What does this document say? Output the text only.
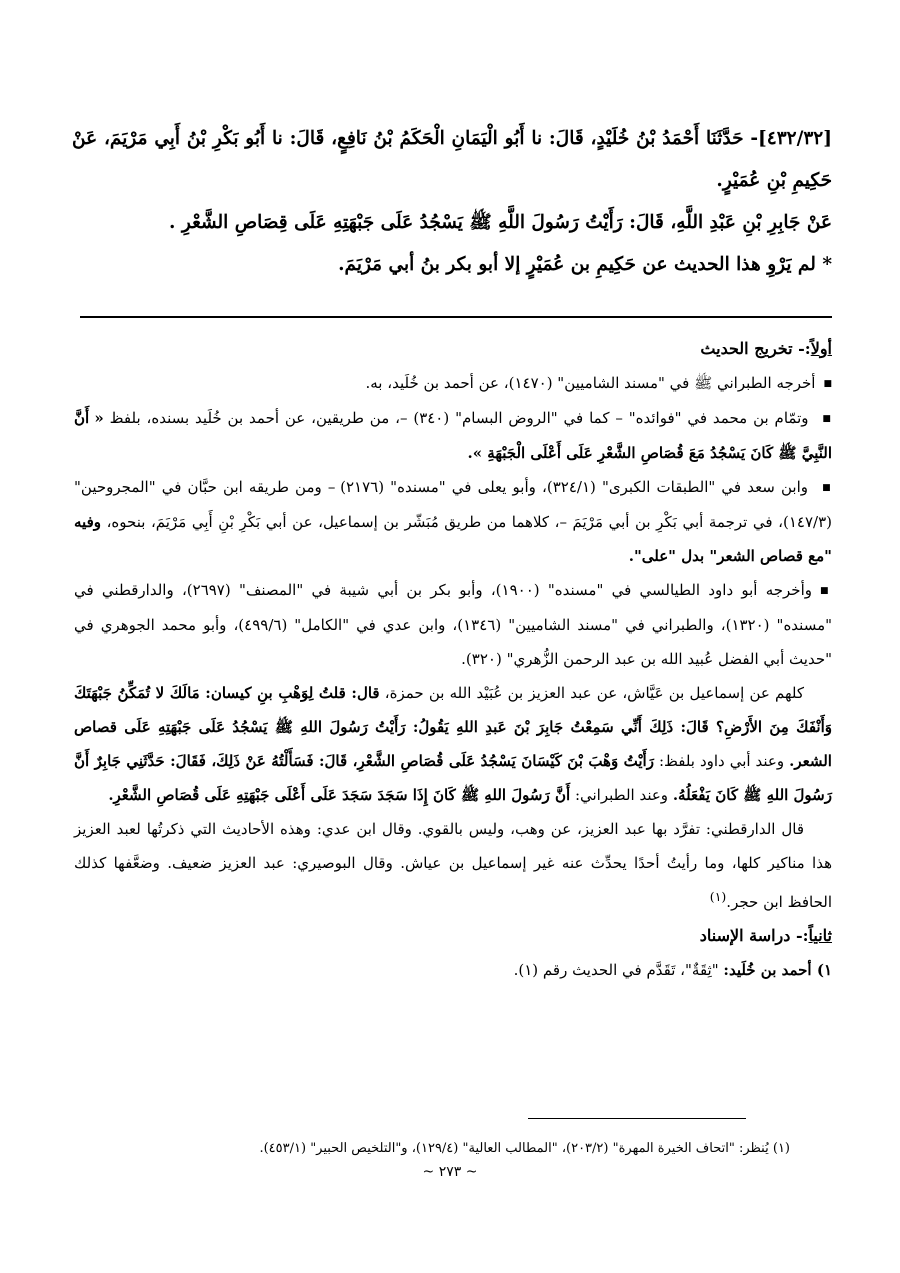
[٤٣٢/٣٢]- حَدَّثَنَا أَحْمَدُ بْنُ خُلَيْدٍ، قَالَ: نا أَبُو الْيَمَانِ الْحَكَمُ بْنُ نَافِعٍ، قَالَ: نا أَبُو بَكْرِ بْنُ أَبِي مَرْيَمَ، عَنْ حَكِيمِ بْنِ عُمَيْرٍ.

عَنْ جَابِرِ بْنِ عَبْدِ اللَّهِ، قَالَ: رَأَيْتُ رَسُولَ اللَّهِ ﷺ يَسْجُدُ عَلَى جَبْهَتِهِ عَلَى قِصَاصِ الشَّعْرِ .

* لم يَرْوِ هذا الحديث عن حَكِيمِ بن عُمَيْرٍ إلا أبو بكر بنُ أبي مَرْيَمَ.

أولاً:- تخريج الحديث

■ أخرجه الطبراني ﷺ في "مسند الشاميين" (١٤٧٠)، عن أحمد بن خُلَيد، به.

■ وتمّام بن محمد في "فوائده" – كما في "الروض البسام" (٣٤٠) –، من طريقين، عن أحمد بن خُلَيد بسنده، بلفظ « أَنَّ النَّبِيَّ ﷺ كَانَ يَسْجُدُ مَعَ قُصَاصِ الشَّعْرِ عَلَى أَعْلَى الْجَبْهَةِ ».

■ وابن سعد في "الطبقات الكبرى" (٣٢٤/١)، وأبو يعلى في "مسنده" (٢١٧٦) – ومن طريقه ابن حبَّان في "المجروحين" (١٤٧/٣)، في ترجمة أبي بَكْرِ بن أبي مَرْيَمَ –، كلاهما من طريق مُبَشّر بن إسماعيل، عن أبي بَكْرِ بْنِ أَبِي مَرْيَمَ، بنحوه، وفيه "مع قصاص الشعر" بدل "على".

■ وأخرجه أبو داود الطيالسي في "مسنده" (١٩٠٠)، وأبو بكر بن أبي شيبة في "المصنف" (٢٦٩٧)، والدارقطني في "مسنده" (١٣٢٠)، والطبراني في "مسند الشاميين" (١٣٤٦)، وابن عدي في "الكامل" (٤٩٩/٦)، وأبو محمد الجوهري في "حديث أبي الفضل عُبيد الله بن عبد الرحمن الزُّهري" (٣٢٠).

كلهم عن إسماعيل بن عَيَّاش، عن عبد العزيز بن عُبَيْد الله بن حمزة، قال: قلتُ لِوَهْبِ بنِ كيسان: مَالَكَ لا تُمَكِّنُ جَبْهَتَكَ وَأَنْفَكَ مِنَ الأَرْضِ؟ قَالَ: ذَلِكَ أَنِّي سَمِعْتُ جَابِرَ بْنَ عَبدِ اللهِ يَقُولُ: رَأَيْتُ رَسُولَ اللهِ ﷺ يَسْجُدُ عَلَى جَبْهَتِهِ عَلَى قصاص الشعر. وعند أبي داود بلفظ: رَأَيْتُ وَهْبَ بْنَ كَيْسَانَ يَسْجُدُ عَلَى قُصَاصِ الشَّعْرِ، قَالَ: فَسَأَلْتُهُ عَنْ ذَلِكَ، فَقَالَ: حَدَّثَنِي جَابِرٌ أَنَّ رَسُولَ اللهِ ﷺ كَانَ يَفْعَلُهُ. وعند الطبراني: أَنَّ رَسُولَ اللهِ ﷺ كَانَ إِذَا سَجَدَ سَجَدَ عَلَى أَعْلَى جَبْهَتِهِ عَلَى قُصَاصِ الشَّعْرِ.

قال الدارقطني: تفرَّد بها عبد العزيز، عن وهب، وليس بالقوي. وقال ابن عدي: وهذه الأحاديث التي ذكرتُها لعبد العزيز هذا مناكير كلها، وما رأيتُ أحدًا يحدِّث عنه غير إسماعيل بن عياش. وقال البوصيري: عبد العزيز ضعيف. وضعَّفها كذلك الحافظ ابن حجر.$^{(١)}$

ثانياً:- دراسة الإسناد

١) أحمد بن خُلَيد: "ثِقَةٌ"، تَقَدَّم في الحديث رقم (١).

(١) يُنظر: "اتحاف الخيرة المهرة" (٢٠٣/٢)، "المطالب العالية" (١٢٩/٤)، و"التلخيص الحبير" (٤٥٣/١).
~ ٢٧٣ ~
